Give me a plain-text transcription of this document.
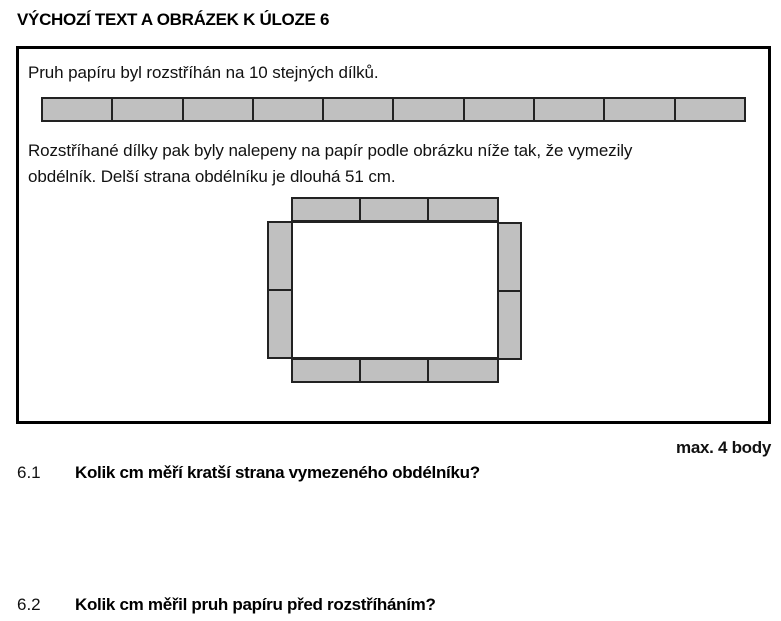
VÝCHOZÍ TEXT A OBRÁZEK K ÚLOZE 6
Pruh papíru byl rozstříhán na 10 stejných dílků.
Rozstříhané dílky pak byly nalepeny na papír podle obrázku níže tak, že vymezily
obdélník. Delší strana obdélníku je dlouhá 51 cm.
max. 4 body
6.1 Kolik cm měří kratší strana vymezeného obdélníku?
6.2 Kolik cm měřil pruh papíru před rozstříháním?
